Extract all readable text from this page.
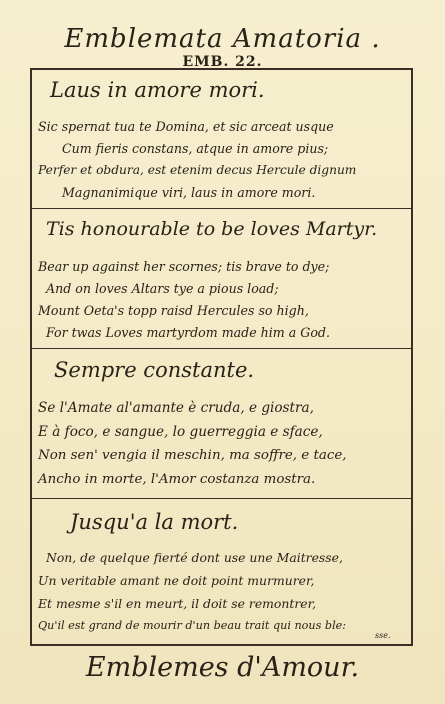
Emblemata Amatoria .
EMB. 22.
Laus in amore mori.
Sic spernat tua te Domina, et sic arceat usque
Cum fieris constans, atque in amore pius;
Perfer et obdura, est etenim decus Hercule dignum
Magnanimique viri, laus in amore mori.
Tis honourable to be loves Martyr.
Bear up against her scornes; tis brave to dye;
And on loves Altars tye a pious load;
Mount Oeta's topp raisd Hercules so high,
For twas Loves martyrdom made him a God.
Sempre constante.
Se l'Amate al'amante è cruda, e giostra,
E à foco, e sangue, lo guerreggia e sface,
Non sen' vengia il meschin, ma soffre, e tace,
Ancho in morte, l'Amor costanza mostra.
Jusqu'a la mort.
Non, de quelque fierté dont use une Maitresse,
Un veritable amant ne doit point murmurer,
Et mesme s'il en meurt, il doit se remontrer,
Qu'il est grand de mourir d'un beau trait qui nous ble:
sse.
Emblemes d'Amour.
